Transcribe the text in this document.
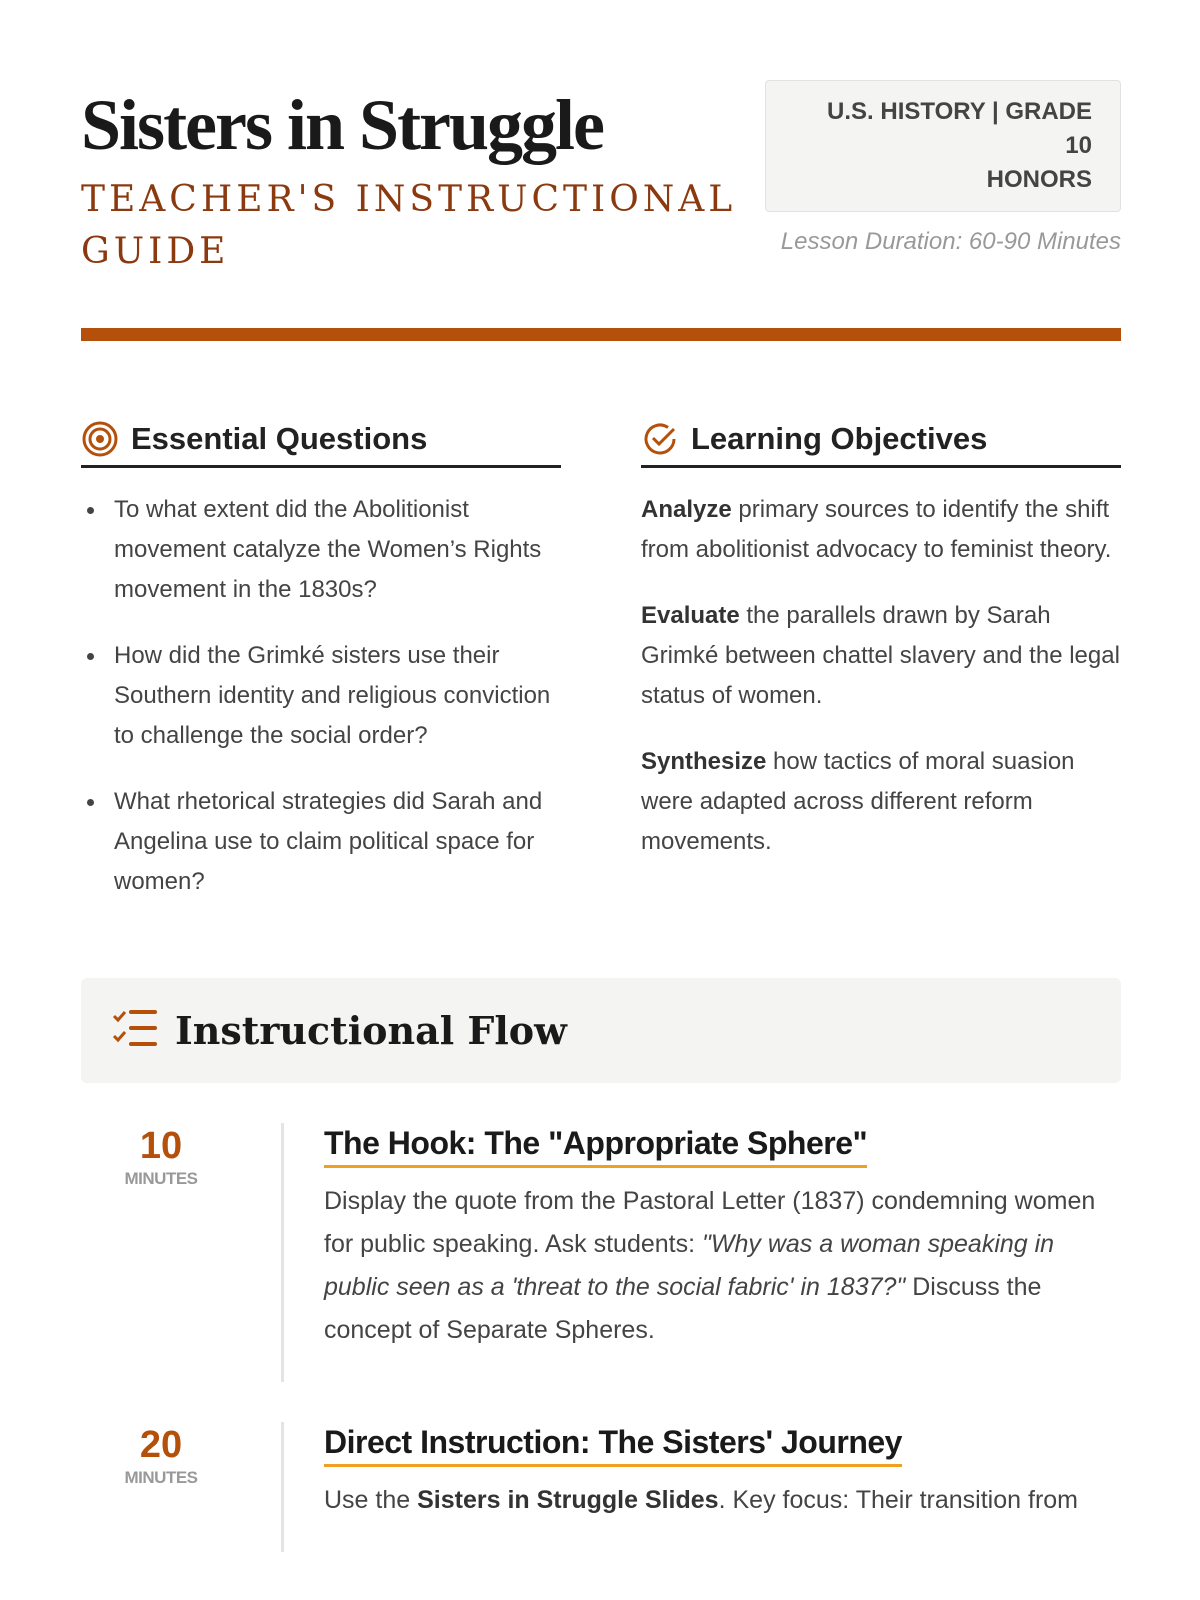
Sisters in Struggle
TEACHER'S INSTRUCTIONAL GUIDE
U.S. HISTORY | GRADE 10
HONORS
Lesson Duration: 60-90 Minutes
Essential Questions
To what extent did the Abolitionist movement catalyze the Women’s Rights movement in the 1830s?
How did the Grimké sisters use their Southern identity and religious conviction to challenge the social order?
What rhetorical strategies did Sarah and Angelina use to claim political space for women?
Learning Objectives

Analyze primary sources to identify the shift from abolitionist advocacy to feminist theory.

Evaluate the parallels drawn by Sarah Grimké between chattel slavery and the legal status of women.

Synthesize how tactics of moral suasion were adapted across different reform movements.

Instructional Flow
10
MINUTES
The Hook: The "Appropriate Sphere"

Display the quote from the Pastoral Letter (1837) condemning women for public speaking. Ask students: "Why was a woman speaking in public seen as a 'threat to the social fabric' in 1837?" Discuss the concept of Separate Spheres.

20
MINUTES
Direct Instruction: The Sisters' Journey

Use the Sisters in Struggle Slides. Key focus: Their transition from
